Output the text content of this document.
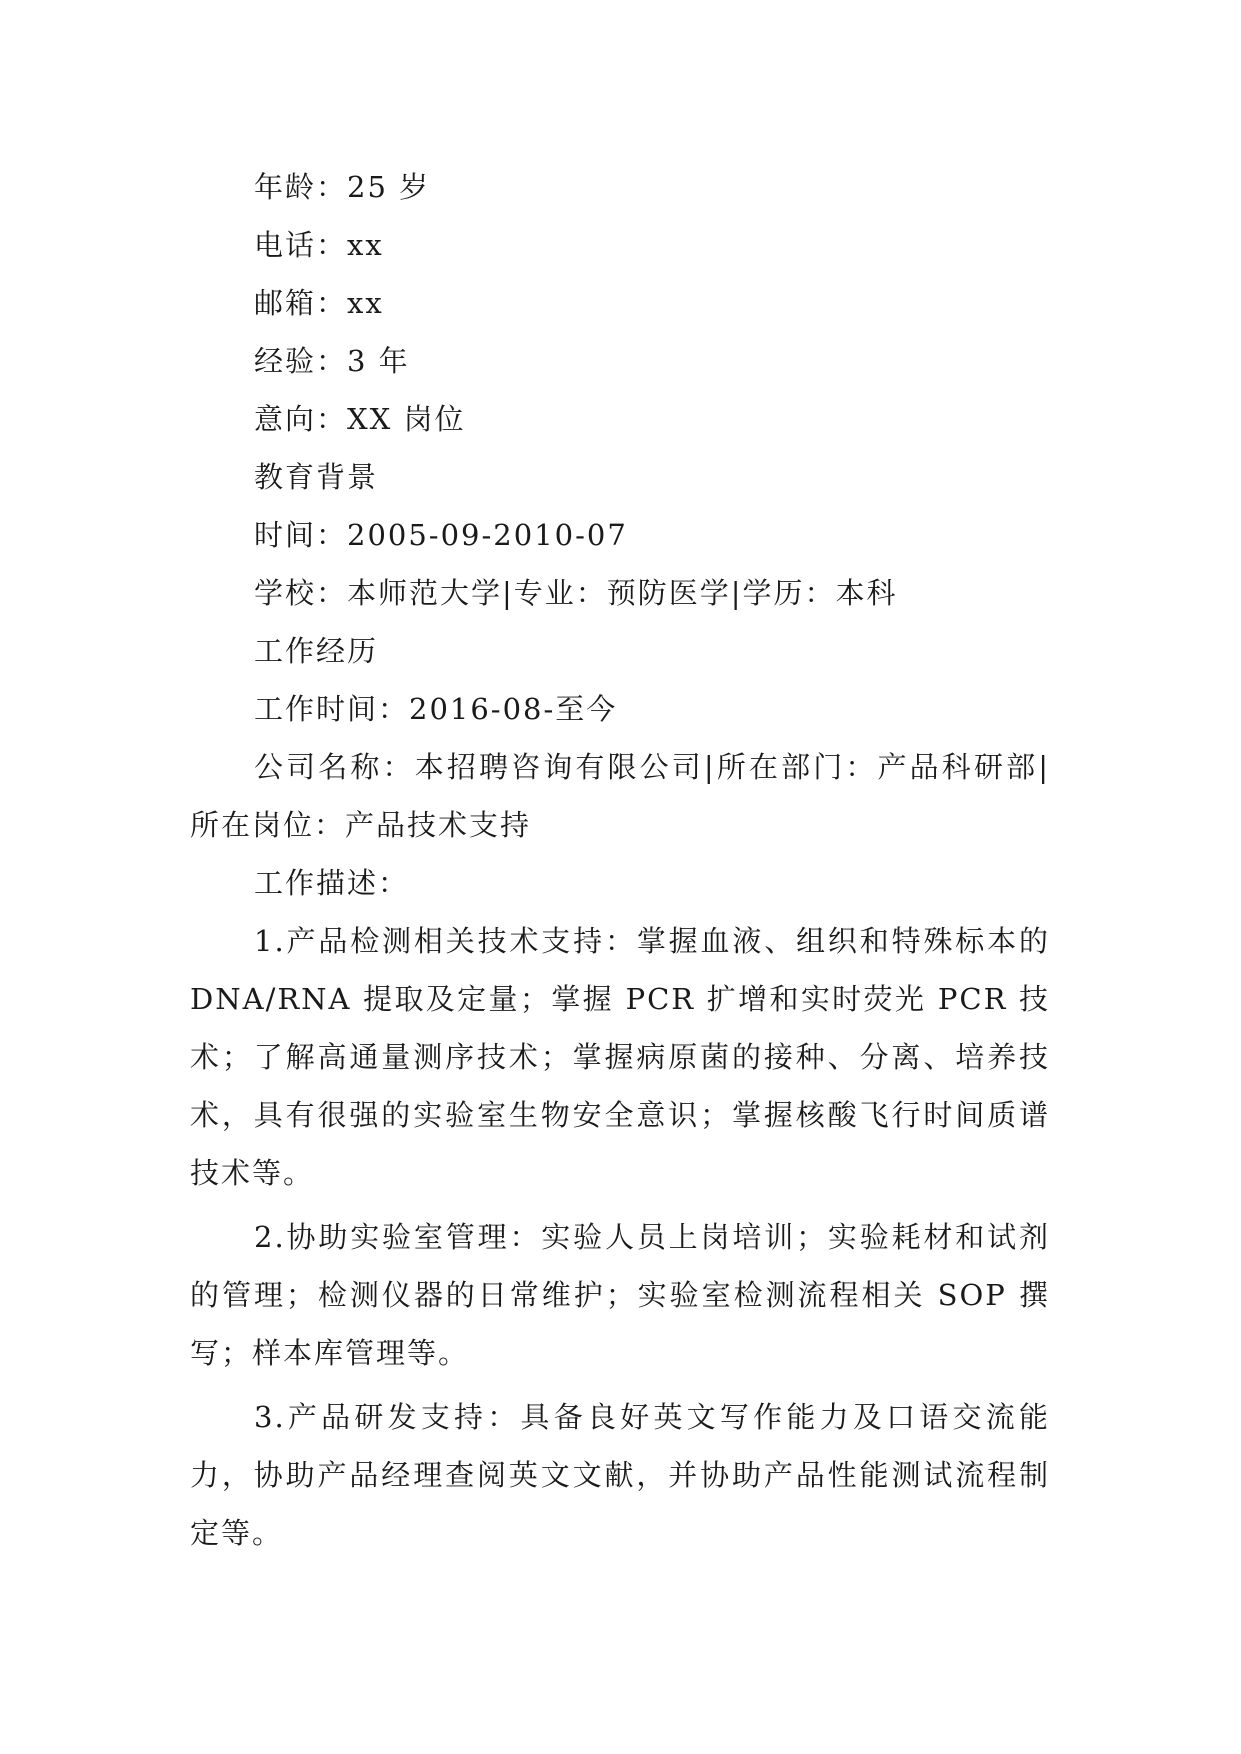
年龄：25 岁

电话：xx

邮箱：xx

经验：3 年

意向：XX 岗位

教育背景

时间：2005-09-2010-07

学校：本师范大学|专业：预防医学|学历：本科

工作经历

工作时间：2016-08-至今

公司名称：本招聘咨询有限公司|所在部门：产品科研部|所在岗位：产品技术支持

工作描述：

1.产品检测相关技术支持：掌握血液、组织和特殊标本的 DNA/RNA 提取及定量；掌握 PCR 扩增和实时荧光 PCR 技术；了解高通量测序技术；掌握病原菌的接种、分离、培养技术，具有很强的实验室生物安全意识；掌握核酸飞行时间质谱技术等。

2.协助实验室管理：实验人员上岗培训；实验耗材和试剂的管理；检测仪器的日常维护；实验室检测流程相关 SOP 撰写；样本库管理等。

3.产品研发支持：具备良好英文写作能力及口语交流能力，协助产品经理查阅英文文献，并协助产品性能测试流程制定等。
